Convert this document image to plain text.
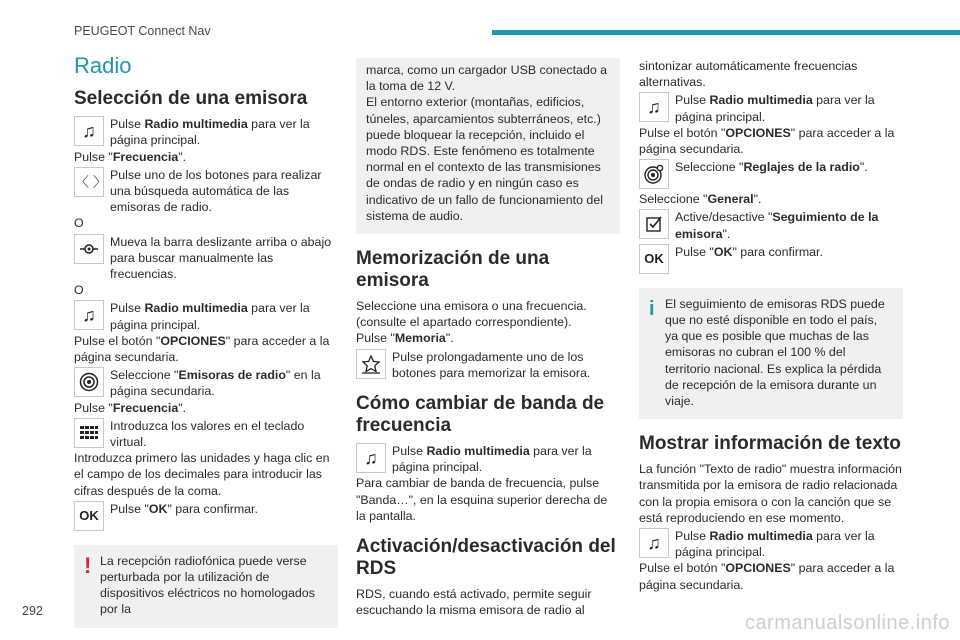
PEUGEOT Connect Nav
Radio
Selección de una emisora
♫	Pulse Radio multimedia para ver la página principal.

Pulse "Frecuencia".

〈 〉 Pulse uno de los botones para realizar una búsqueda automática de las emisoras de radio.

O

Mueva la barra deslizante arriba o abajo para buscar manualmente las frecuencias.

O

♫	Pulse Radio multimedia para ver la página principal.

Pulse el botón "OPCIONES" para acceder a la página secundaria.

Seleccione "Emisoras de radio" en la página secundaria.

Pulse "Frecuencia".

Introduzca los valores en el teclado virtual.

Introduzca primero las unidades y haga clic en el campo de los decimales para introducir las cifras después de la coma.

OK Pulse "OK" para confirmar.
! La recepción radiofónica puede verse perturbada por la utilización de dispositivos eléctricos no homologados por la

marca, como un cargador USB conectado a la toma de 12 V.
El entorno exterior (montañas, edificios, túneles, aparcamientos subterráneos, etc.) puede bloquear la recepción, incluido el modo RDS. Este fenómeno es totalmente normal en el contexto de las transmisiones de ondas de radio y en ningún caso es indicativo de un fallo de funcionamiento del sistema de audio.

Memorización de una emisora

Seleccione una emisora o una frecuencia.
(consulte el apartado correspondiente).

Pulse "Memoria".

Pulse prolongadamente uno de los botones para memorizar la emisora.
Cómo cambiar de banda de frecuencia
♫	Pulse Radio multimedia para ver la página principal.

Para cambiar de banda de frecuencia, pulse "Banda…", en la esquina superior derecha de la pantalla.

Activación/desactivación del RDS

RDS, cuando está activado, permite seguir escuchando la misma emisora de radio al

sintonizar automáticamente frecuencias alternativas.

♫	Pulse Radio multimedia para ver la página principal.

Pulse el botón "OPCIONES" para acceder a la página secundaria.

Seleccione "Reglajes de la radio".

Seleccione "General".

Active/desactive "Seguimiento de la emisora".
OK Pulse "OK" para confirmar.
i El seguimiento de emisoras RDS puede que no esté disponible en todo el país, ya que es posible que muchas de las emisoras no cubran el 100 % del territorio nacional. Es explica la pérdida de recepción de la emisora durante un viaje.

Mostrar información de texto

La función "Texto de radio" muestra información transmitida por la emisora de radio relacionada con la propia emisora o con la canción que se está reproduciendo en ese momento.

♫	Pulse Radio multimedia para ver la página principal.

Pulse el botón "OPCIONES" para acceder a la página secundaria.

292
carmanualsonline.info
